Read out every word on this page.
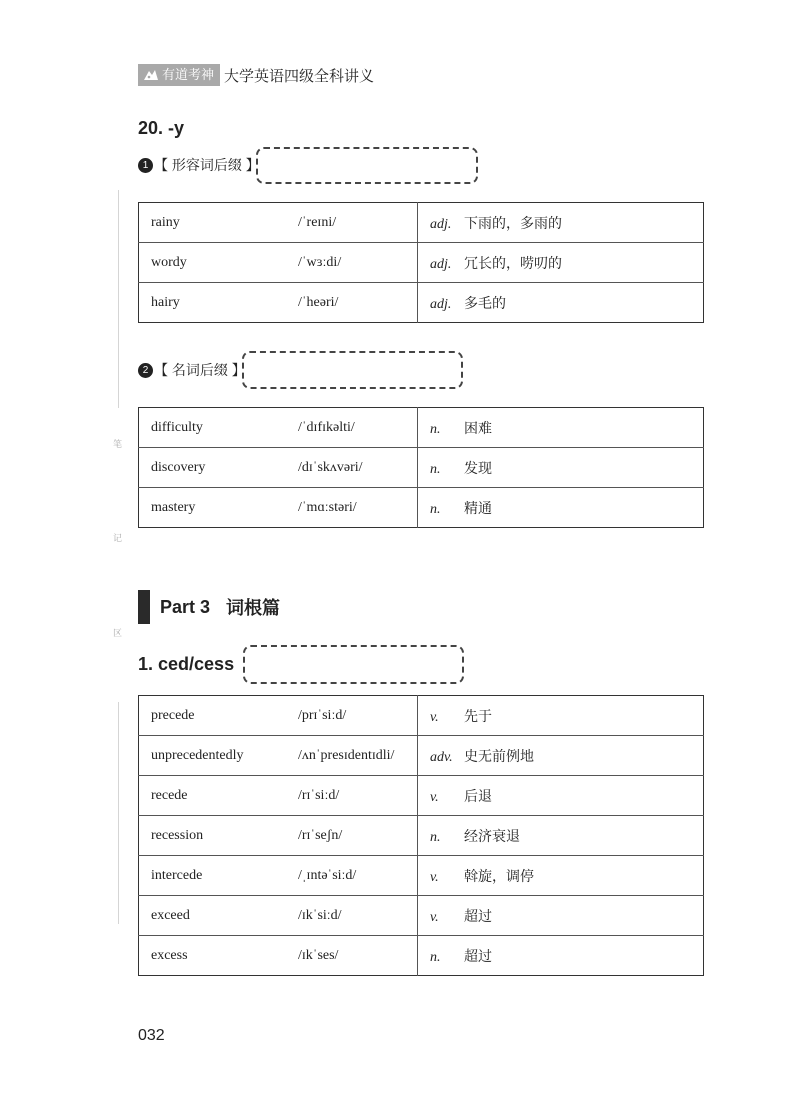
有道考神 大学英语四级全科讲义
笔
记
区
20. -y
1 【 形容词后缀 】
rainy	/ˈreɪni/	adj. 下雨的，多雨的
wordy	/ˈwɜːdi/	adj. 冗长的，唠叨的
hairy	/ˈheəri/	adj. 多毛的
2 【 名词后缀 】
difficulty	/ˈdɪfɪkəlti/	n. 困难
discovery	/dɪˈskʌvəri/	n. 发现
mastery	/ˈmɑːstəri/	n. 精通
Part 3 词根篇
1. ced/cess
precede	/prɪˈsiːd/	v. 先于
unprecedentedly	/ʌnˈpresɪdentɪdli/	adv. 史无前例地
recede	/rɪˈsiːd/	v. 后退
recession	/rɪˈseʃn/	n. 经济衰退
intercede	/ˌɪntəˈsiːd/	v. 斡旋，调停
exceed	/ɪkˈsiːd/	v. 超过
excess	/ɪkˈses/	n. 超过
032
